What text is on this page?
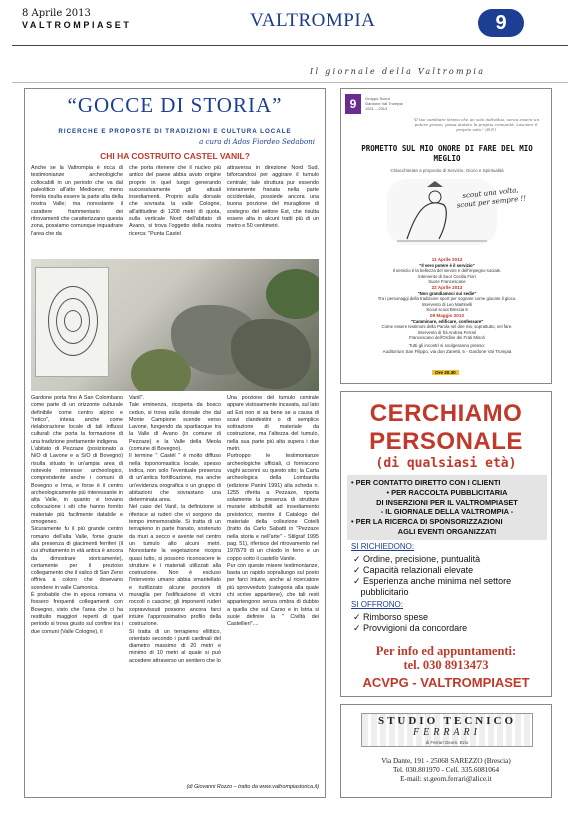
8 Aprile 2013
VALTROMPIASET	VALTROMPIA	9
Il giornale della Valtrompia
“GOCCE DI STORIA”
RICERCHE E PROPOSTE DI TRADIZIONI E CULTURA LOCALE
a cura di Ados Fiordeo Sedaboni
CHI HA COSTRUITO CASTEL VANIL?
Anche se la Valtrompia è ricca di testimonianze archeologiche collocabili in un periodo che va dal paleolitico all'alto Medioevo; meno fornita risulta essere la parte alta della nostra Valle; ma nonostante il carattere frammentario dei ritrovamenti che caratterizzano questa zona, possiamo comunque inquadrare l'area che da
che porta ritenere che il nucleo più antico del paese abbia avuto origine proprio in quel luogo generando successivamente gli attuali insediamenti. Proprio sulla dorsale che sovrasta la valle Cologne, all'altitudine di 1208 metri di quota, sulla verticale Nord dell'abitato di Avano, si trova l'oggetto della nostra ricerca: "Punta Castel
attraversa in direzione Nord Sud, biforcandosi per aggirare il tumulo centrale; tale struttura pur essendo interamente franata nella parte occidentale, possiede ancora una buona porzione del muraglione di sostegno del settore Est, che risulta essere alta in alcuni tratti più di un metro e 50 centimetri.
Gardone porta fino A San Colombano come parte di un orizzonte culturale definibile come centro alpino e "retico", intesa anche come rielaborazione locale di tali influssi culturali che porta la formazione di una tradizione prettamente indigena.
L'abitato di Pezzaze (posizionato a N/O di Lavone e a S/O di Bovegno) risulta situato in un'ampia area di notevole interesse archeologico, comprendente anche i comuni di Bovegno e Irma, e forse è il centro archeologicamente più interessante in alta Valle, in quanto vi trovano collocazione i siti che hanno fornito materiale più facilmente databile e omogeneo.
Sicuramente fu il più grande centro romano dell'alta Valle, forse grazie alla presenza di giacimenti ferriferi (il cui sfruttamento in età antica è ancora da dimostrare storicamente), certamente per il prezioso collegamento che il valico di San Zeno offriva a coloro che dovevano scendere in valle Camonica.
È probabile che in epoca romana vi fossero frequenti collegamenti con Bovegno, visto che l'area che ci ha restituito maggiori reperti di quel periodo si trova giusto sul confine tra i due comuni (Valle Cologne), il
Vanil".
Tale eminenza, ricoperta da bosco ceduo, si trova sulla dorsale che dal Monte Campione scende verso Lavone, fungendo da spartiacque tra la Valle di Avano (in comune di Pezzaze) e la Valle della Meola (comune di Bovegno).
Il termine " Castél " è molto diffuso nella toponomastica locale, spesso indica, non solo l'eventuale presenza di un'antica fortificazione, ma anche un'evidenza orografica o un gruppo di abitazioni che sovrastano una determinata area.
Nel caso del Vanil, la definizione si riferisce ai ruderi che vi sorgono da tempo immemorabile. Si tratta di un terrapieno in parte franato, sostenuto da muri a secco e avente nel centro un tumulo alto alcuni metri. Nonostante la vegetazione ricopra quasi tutto, si possono riconoscere le strutture e i materiali utilizzati alla costruzione. Non è escluso l'intervento umano abbia smantellato e riutilizzato alcune porzioni di muraglia per l'edificazione di vicini roccoli o cascine; gli imponenti ruderi sopravvissuti possono ancora farci intuire l'approssimativo profilo della costruzione.
Si tratta di un terrapieno ellittico, orientato secondo i punti cardinali del diametro massimo di 20 metri e minimo di 10 metri al quale si può accedere attraverso un sentiero che lo
Una porzione del tumulo centrale appare vistosamente incavata, sul lato ad Est non si sa bene se a causa di scavi clandestini o di semplice sottrazione di materiale da costruzione, ma l'altezza del tumulo, nella sua parte più alta supera i due metri.
Purtroppo le testimonianze archeologiche ufficiali, ci forniscono vaghi accenni su questo sito; la Carta archeologica della Lombardia (edizione Panini 1991) alla scheda n. 1255 riferita a Pezzaze, riporta solamente la presenza di strutture murarie attribuibili ad insediamento preistorico; mentre il Catalogo del materiale della collezione Cotelli (tratto da Carlo Sabatti in "Pezzaze nella storia e nell'arte" - Stilgraf 1995 pag. 51), riferisce del ritrovamento nel 1978/79 di un chiodo in ferro e un coppo sotto il castello Vanile.
Pur con queste misere testimonianze, basta un rapido sopralluogo sul posto per farci intuire, anche al ricercatore più sprovveduto (categoria alla quale chi scrive appartiene), che tali resti appartengono senza ombra di dubbio a quella che sul Carso e in Istria si suole definire la " Civiltà dei Castellieri"....
(di Giovanni Rozzo – tratto da www.valtrompiastorica.it)
9	Gruppo Scout
Gardone Val Trompia
1921 – 2013
"Il tuo cambiare strano che un solo individuo, senza essere un potere grosso, possa aiutare la propria comunità. Lasciare il proprio voto." (B.P.)
PROMETTO SUL MIO ONORE DI FARE DEL MIO MEGLIO
Chiacchierate a proposito di Servizio, Gioco e Spiritualità
scout una volta, scout per sempre !!
11 Aprile 2013
"Il vero potere è il servizio"
Il servizio è la bellezza del servire e dell'impegno sociale.
Intervento di Suor Cecilia Fiori
Suore Francescane
22 Aprile 2013
"Non grandiamoci sui sedie"
Tra i personaggi della tradizione sport per sognare come giocare il gioco.
Intervento di Leo Martinelli
Scout scout Brescia 6
09 Maggio 2013
"Camminare, edificare, confessare"
Come essere testimoni della Parola nel dire ma, soprattutto, nel fare.
Intervento di frà Andrea Ferrari
Francescano dell'Ordine dei Frati Minori
Tutti gli incontri si svolgeranno presso:
Auditorium San Filippo, via don Zanetti, 5 - Gardone Val Trompia
Ore 20.30
CERCHIAMO
PERSONALE
(di qualsiasi età)
• PER CONTATTO DIRETTO CON I CLIENTI
• PER RACCOLTA PUBBLICITARIA
DI INSERZIONI PER IL VALTROMPIASET
- IL GIORNALE DELLA VALTROMPIA -
• PER LA RICERCA DI SPONSORIZZAZIONI
AGLI EVENTI ORGANIZZATI
SI RICHIEDONO:
✓ Ordine, precisione, puntualità
✓ Capacità relazionali elevate
✓ Esperienza anche minima nel settore
pubblicitario
SI OFFRONO:
✓ Rimborso spese
✓ Provvigioni da concordare
Per info ed appuntamenti:
tel. 030 8913473
ACVPG - VALTROMPIASET
STUDIO TECNICO
FERRARI
di Ferrari Geom. Ezio
Via Dante, 191 - 25068 SAREZZO (Brescia)
Tel. 030.801970 - Cell. 335.6081064
E-mail: st.geom.ferrari@alice.it
